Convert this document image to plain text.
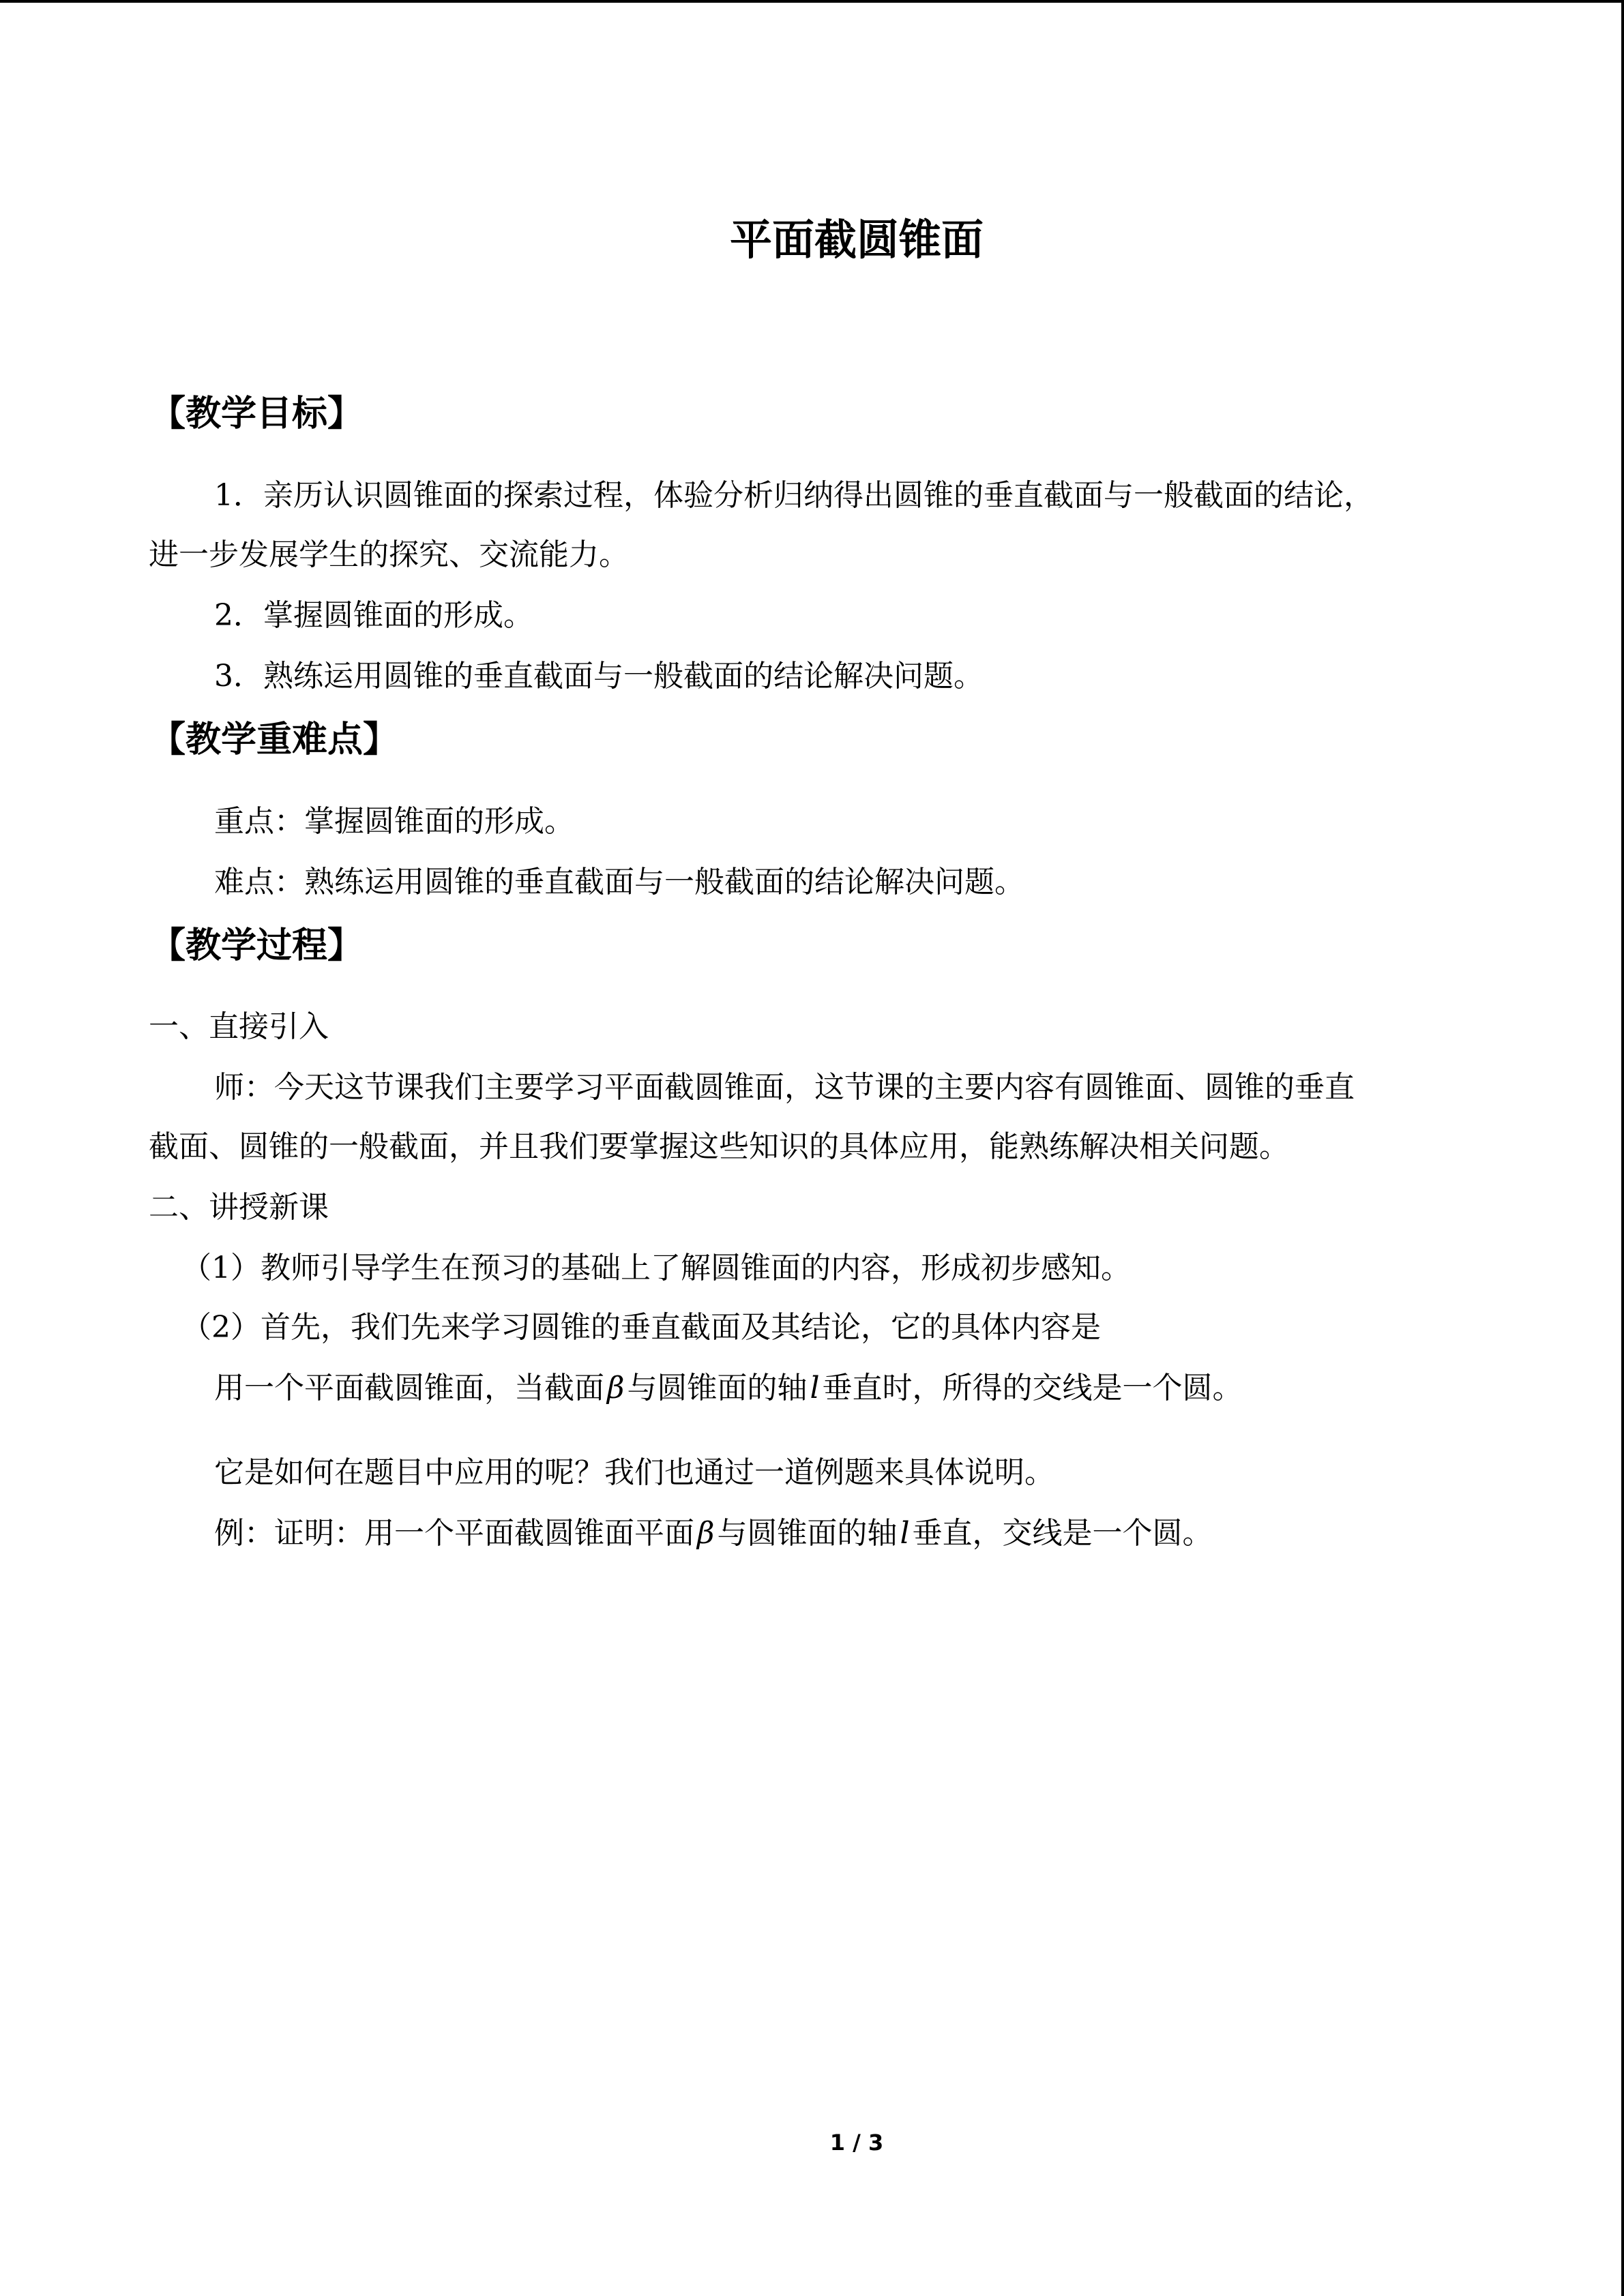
平面截圆锥面
【教学目标】
1．亲历认识圆锥面的探索过程，体验分析归纳得出圆锥的垂直截面与一般截面的结论，
进一步发展学生的探究、交流能力。
2．掌握圆锥面的形成。
3．熟练运用圆锥的垂直截面与一般截面的结论解决问题。
【教学重难点】
重点：掌握圆锥面的形成。
难点：熟练运用圆锥的垂直截面与一般截面的结论解决问题。
【教学过程】
一、直接引入
师：今天这节课我们主要学习平面截圆锥面，这节课的主要内容有圆锥面、圆锥的垂直
截面、圆锥的一般截面，并且我们要掌握这些知识的具体应用，能熟练解决相关问题。
二、讲授新课
（1）教师引导学生在预习的基础上了解圆锥面的内容，形成初步感知。
（2）首先，我们先来学习圆锥的垂直截面及其结论，它的具体内容是
用一个平面截圆锥面，当截面β与圆锥面的轴l垂直时，所得的交线是一个圆。
它是如何在题目中应用的呢？我们也通过一道例题来具体说明。
例：证明：用一个平面截圆锥面平面β与圆锥面的轴l垂直，交线是一个圆。
1 / 3
